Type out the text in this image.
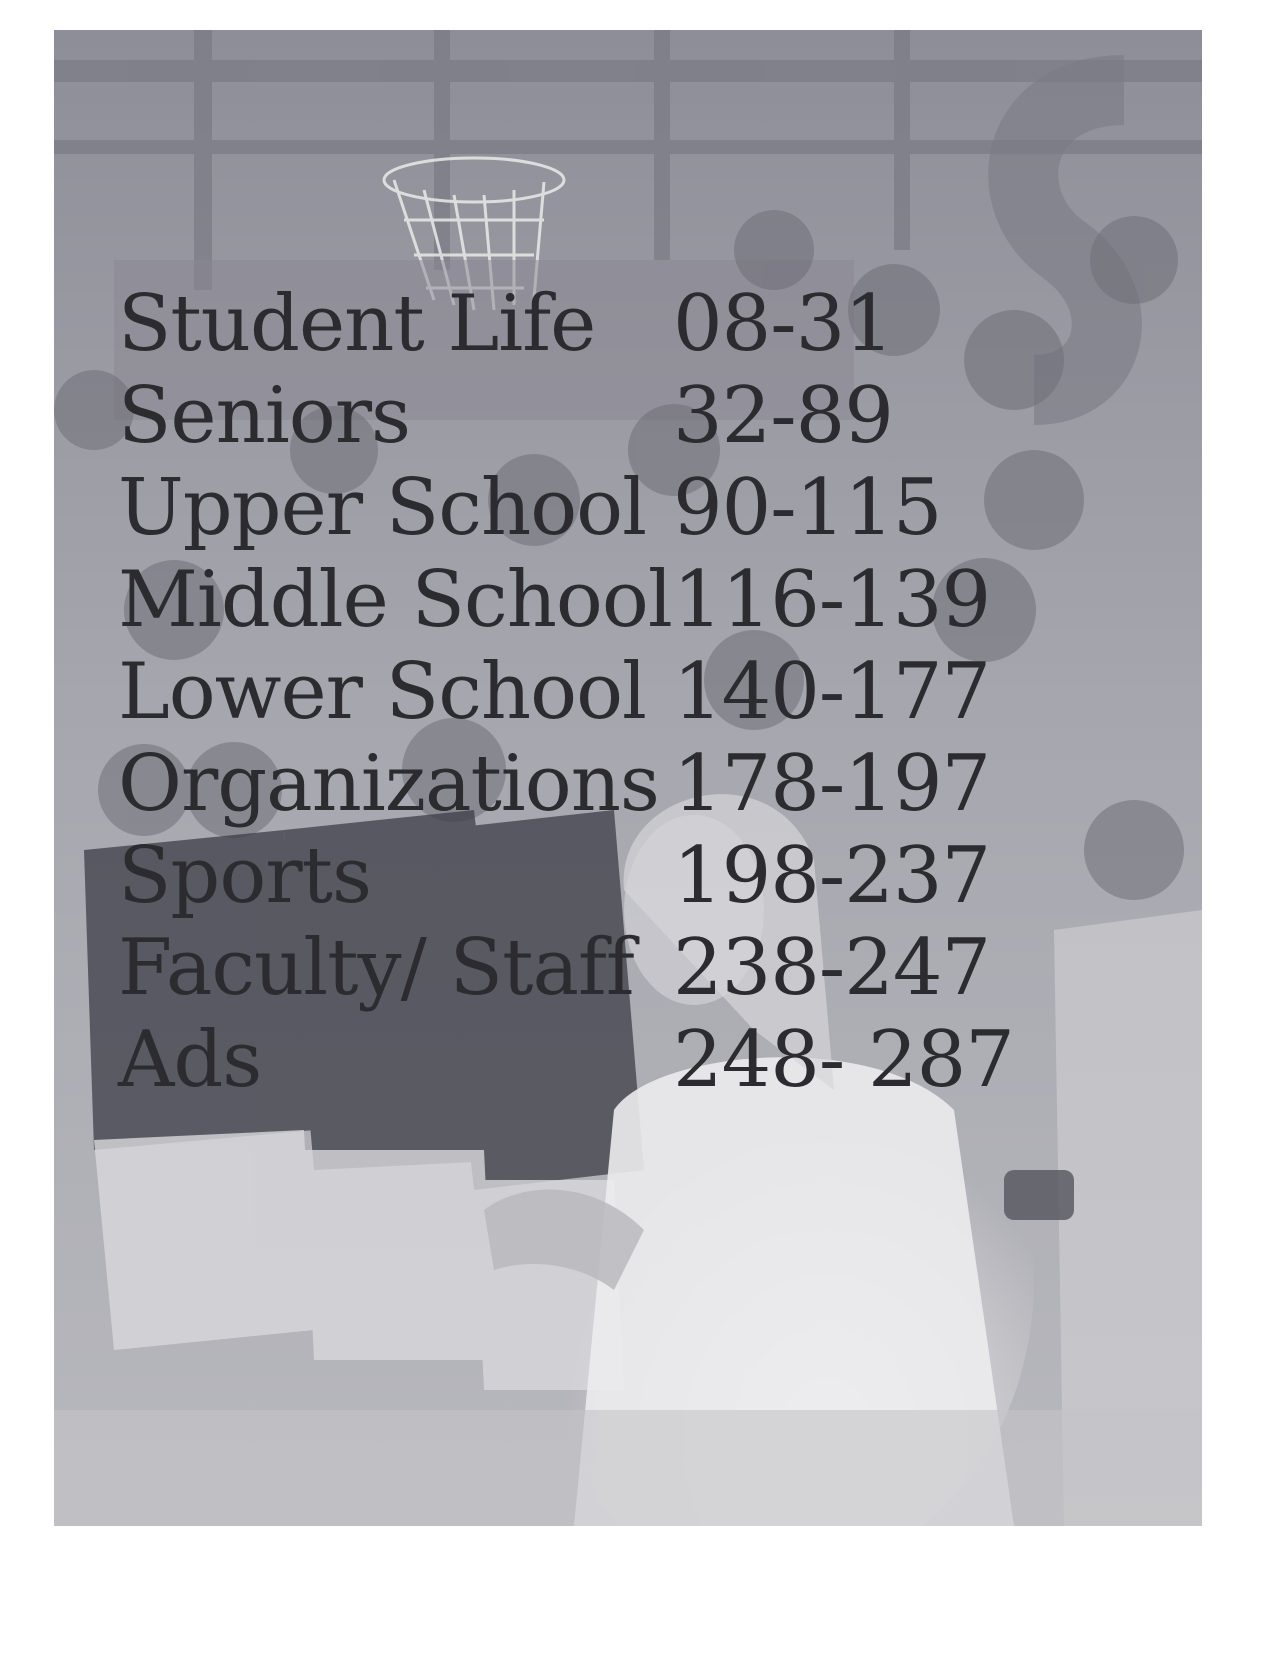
Student Life 08-31
Seniors	32-89
Upper School 90-115
Middle School 116-139
Lower School 140-177
Organizations 178-197
Sports	198-237
Faculty/ Staff 238-247
Ads	248- 287
